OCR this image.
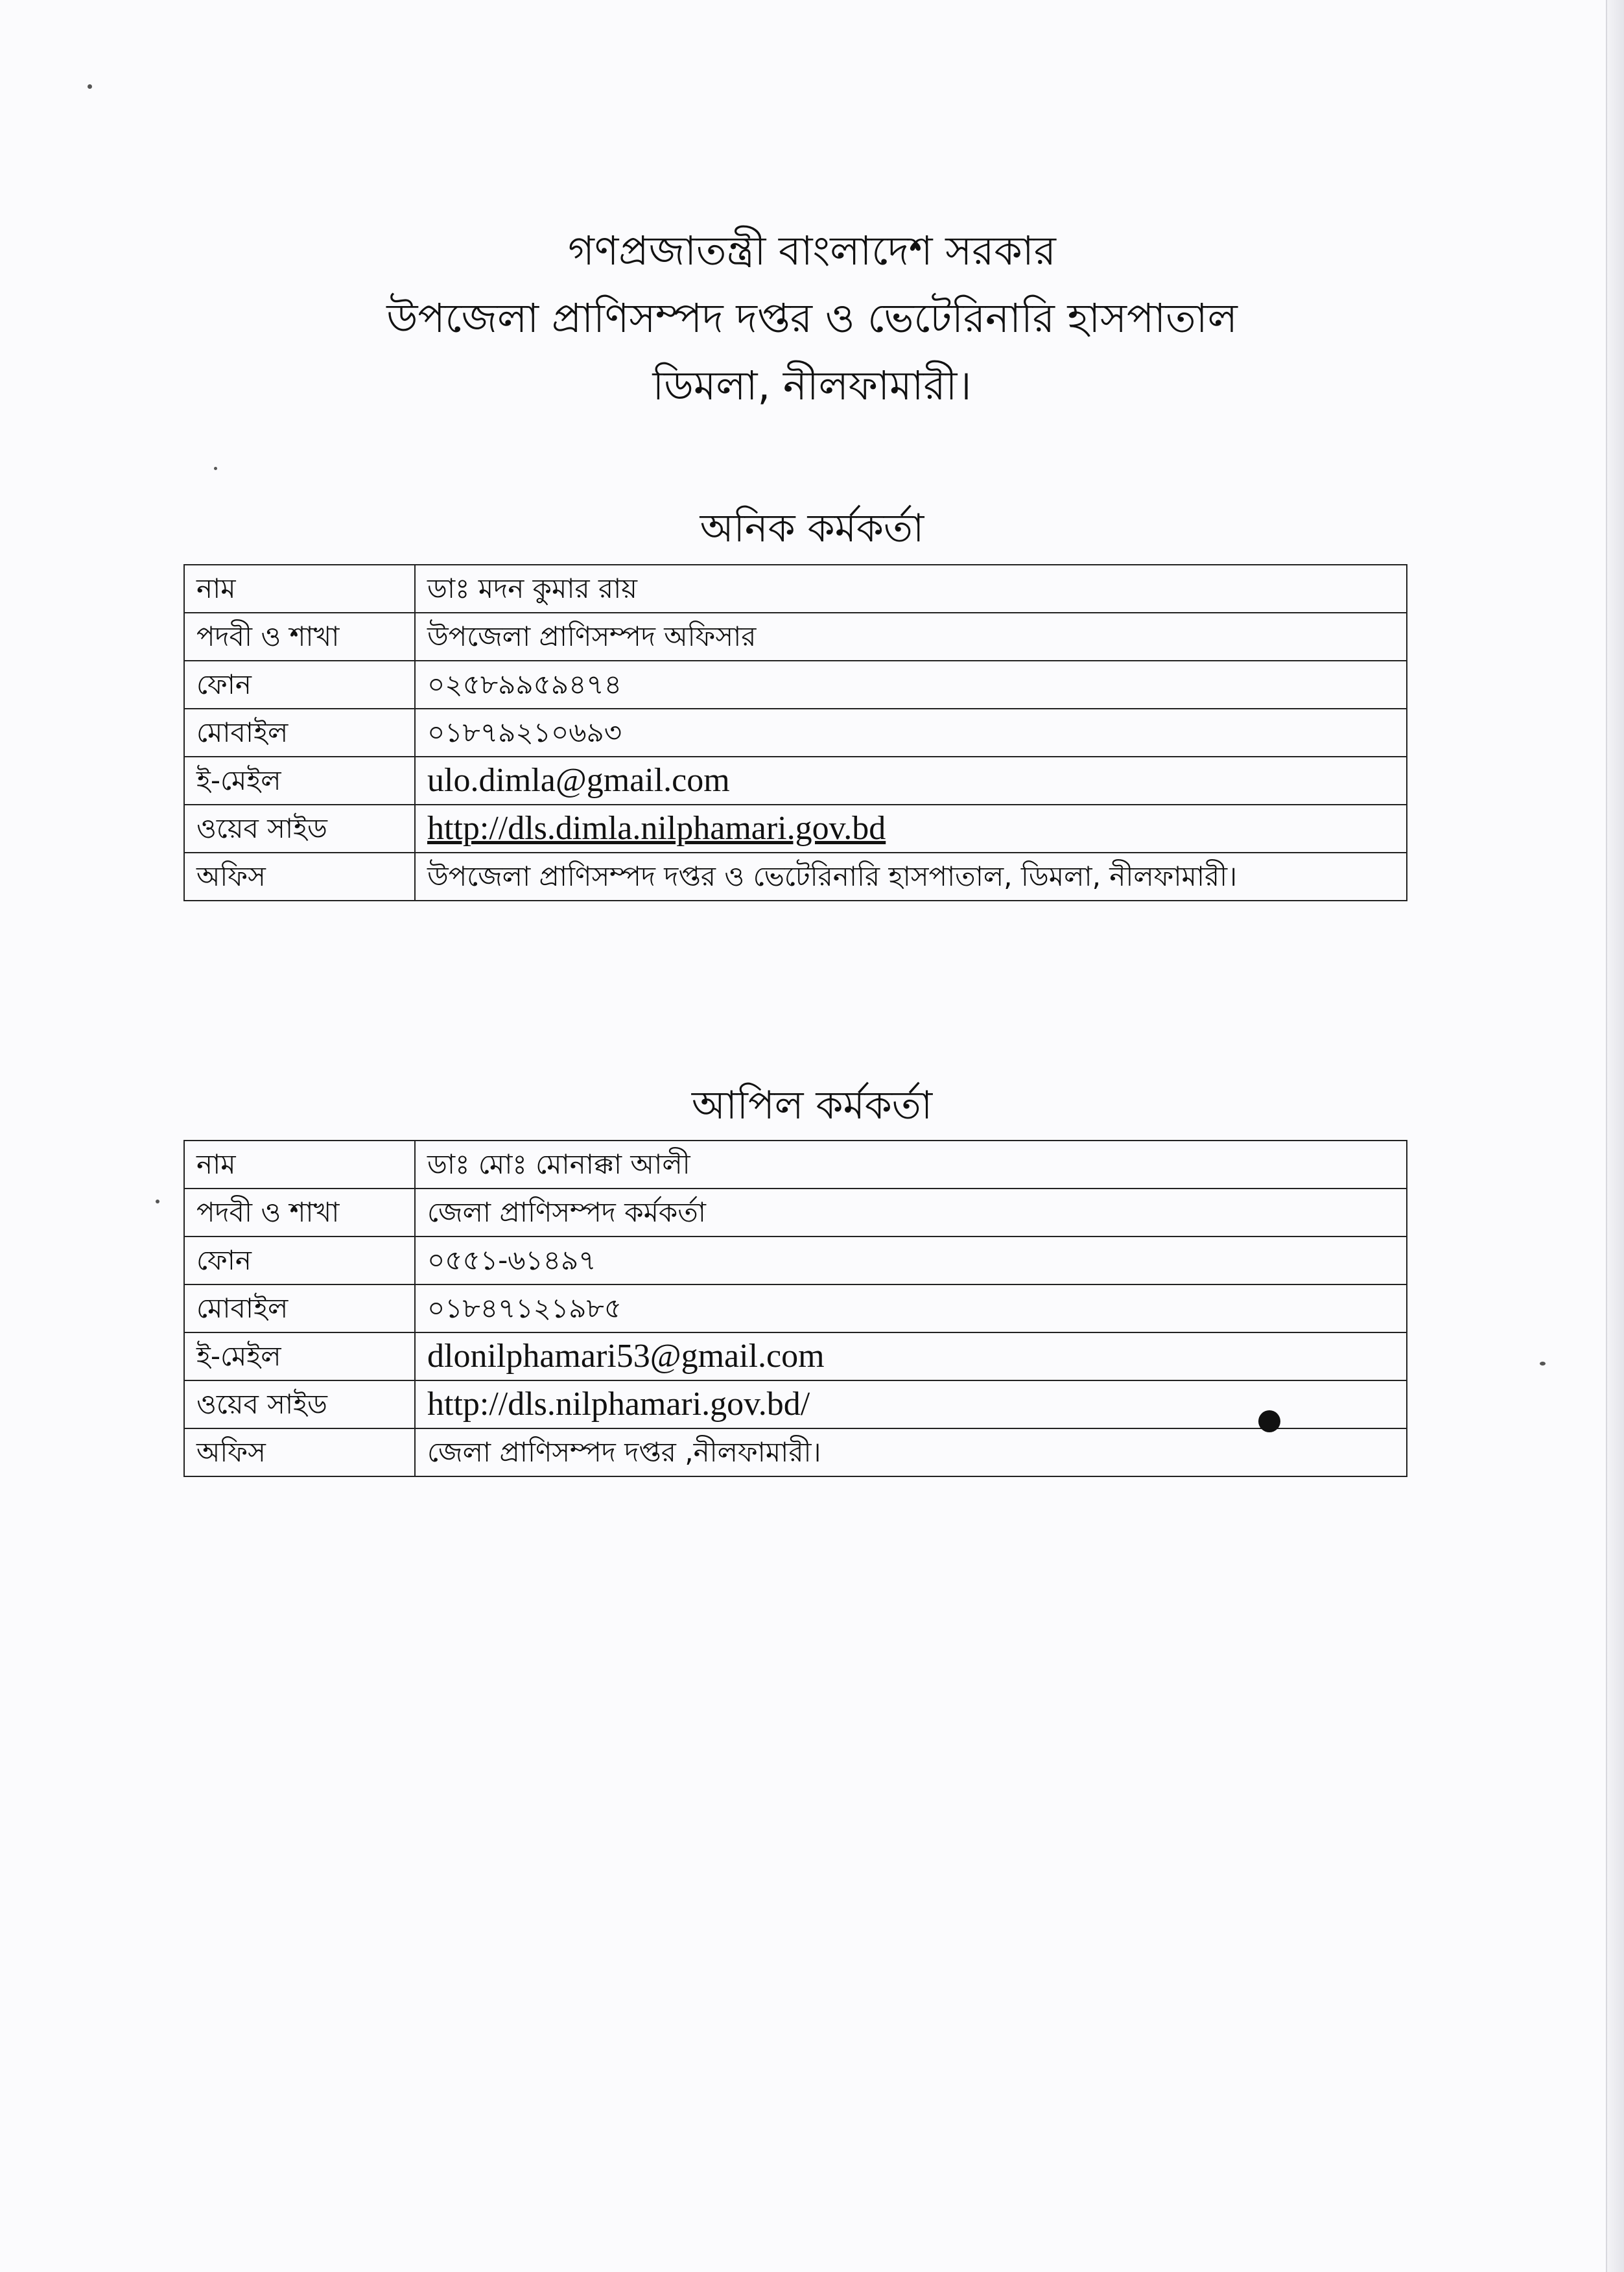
গণপ্রজাতন্ত্রী বাংলাদেশ সরকার
উপজেলা প্রাণিসম্পদ দপ্তর ও ভেটেরিনারি হাসপাতাল
ডিমলা, নীলফামারী।
অনিক কর্মকর্তা
নাম	ডাঃ মদন কুমার রায়
পদবী ও শাখা	উপজেলা প্রাণিসম্পদ অফিসার
ফোন	০২৫৮৯৯৫৯৪৭৪
মোবাইল	০১৮৭৯২১০৬৯৩
ই-মেইল	ulo.dimla@gmail.com
ওয়েব সাইড	http://dls.dimla.nilphamari.gov.bd
অফিস	উপজেলা প্রাণিসম্পদ দপ্তর ও ভেটেরিনারি হাসপাতাল, ডিমলা, নীলফামারী।
আপিল কর্মকর্তা
নাম	ডাঃ মোঃ মোনাক্কা আলী
পদবী ও শাখা	জেলা প্রাণিসম্পদ কর্মকর্তা
ফোন	০৫৫১-৬১৪৯৭
মোবাইল	০১৮৪৭১২১৯৮৫
ই-মেইল	dlonilphamari53@gmail.com
ওয়েব সাইড	http://dls.nilphamari.gov.bd/
অফিস	জেলা প্রাণিসম্পদ দপ্তর ,নীলফামারী।
